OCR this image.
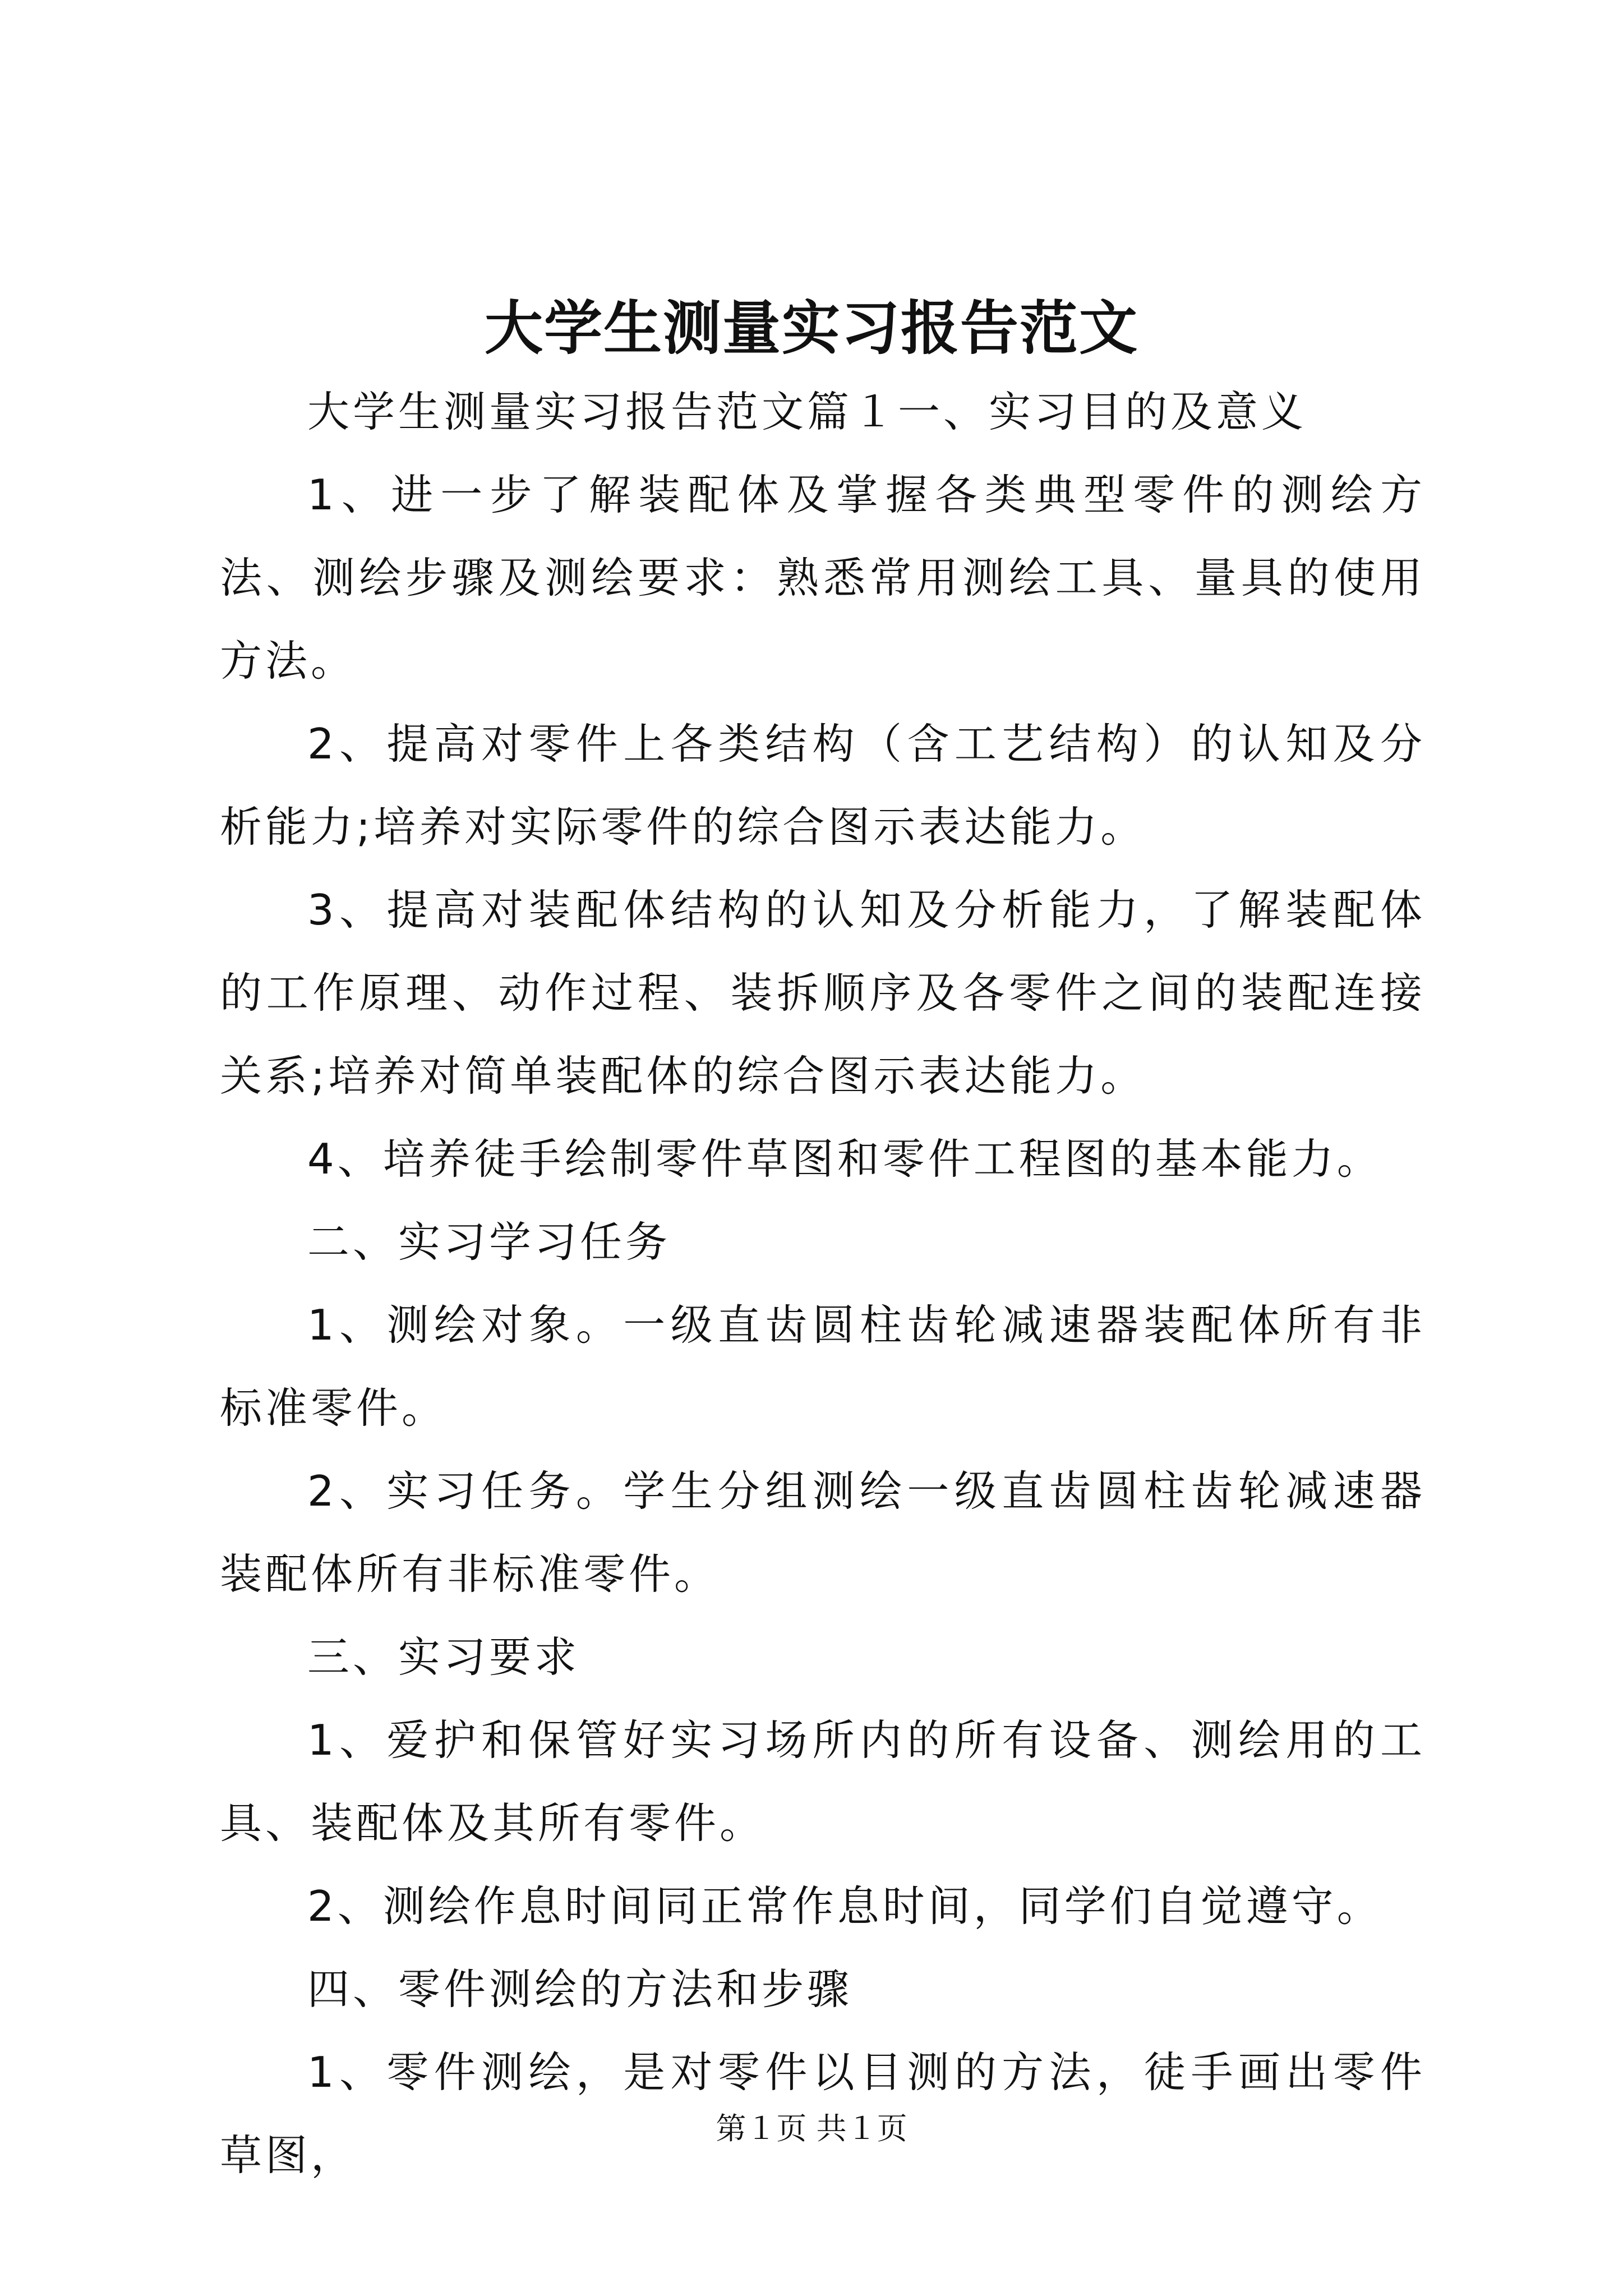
大学生测量实习报告范文

大学生测量实习报告范文篇１一、实习目的及意义

1、进一步了解装配体及掌握各类典型零件的测绘方法、测绘步骤及测绘要求：熟悉常用测绘工具、量具的使用方法。

2、提高对零件上各类结构（含工艺结构）的认知及分析能力;培养对实际零件的综合图示表达能力。

3、提高对装配体结构的认知及分析能力，了解装配体的工作原理、动作过程、装拆顺序及各零件之间的装配连接关系;培养对简单装配体的综合图示表达能力。

4、培养徒手绘制零件草图和零件工程图的基本能力。

二、实习学习任务

1、测绘对象。一级直齿圆柱齿轮减速器装配体所有非标准零件。

2、实习任务。学生分组测绘一级直齿圆柱齿轮减速器装配体所有非标准零件。

三、实习要求

1、爱护和保管好实习场所内的所有设备、测绘用的工具、装配体及其所有零件。

2、测绘作息时间同正常作息时间，同学们自觉遵守。

四、零件测绘的方法和步骤

1、零件测绘，是对零件以目测的方法，徒手画出零件草图，

第１页 共１页
